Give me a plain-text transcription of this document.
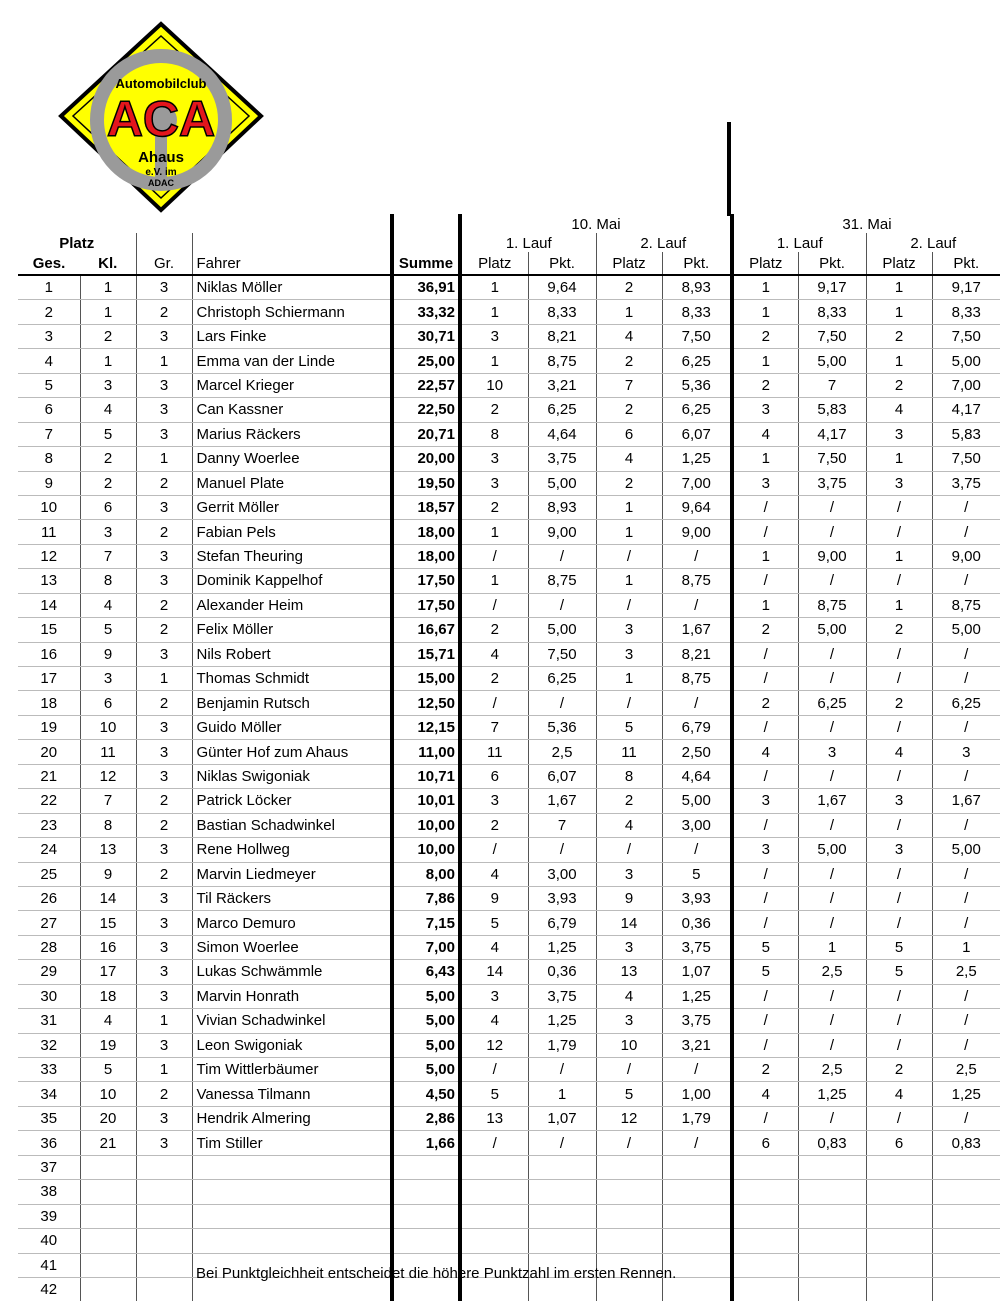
Automobilclub
ACA
Ahaus
e.V. im
ADAC
					10. Mai				31. Mai			
Platz					1. Lauf		2. Lauf		1. Lauf		2. Lauf	
Ges.	Kl.	Gr.	Fahrer	Summe	Platz	Pkt.	Platz	Pkt.	Platz	Pkt.	Platz	Pkt.
1	1	3	Niklas Möller	36,91	1	9,64	2	8,93	1	9,17	1	9,17
2	1	2	Christoph Schiermann	33,32	1	8,33	1	8,33	1	8,33	1	8,33
3	2	3	Lars Finke	30,71	3	8,21	4	7,50	2	7,50	2	7,50
4	1	1	Emma van der Linde	25,00	1	8,75	2	6,25	1	5,00	1	5,00
5	3	3	Marcel Krieger	22,57	10	3,21	7	5,36	2	7	2	7,00
6	4	3	Can Kassner	22,50	2	6,25	2	6,25	3	5,83	4	4,17
7	5	3	Marius Räckers	20,71	8	4,64	6	6,07	4	4,17	3	5,83
8	2	1	Danny Woerlee	20,00	3	3,75	4	1,25	1	7,50	1	7,50
9	2	2	Manuel Plate	19,50	3	5,00	2	7,00	3	3,75	3	3,75
10	6	3	Gerrit Möller	18,57	2	8,93	1	9,64	/	/	/	/
11	3	2	Fabian Pels	18,00	1	9,00	1	9,00	/	/	/	/
12	7	3	Stefan Theuring	18,00	/	/	/	/	1	9,00	1	9,00
13	8	3	Dominik Kappelhof	17,50	1	8,75	1	8,75	/	/	/	/
14	4	2	Alexander Heim	17,50	/	/	/	/	1	8,75	1	8,75
15	5	2	Felix Möller	16,67	2	5,00	3	1,67	2	5,00	2	5,00
16	9	3	Nils Robert	15,71	4	7,50	3	8,21	/	/	/	/
17	3	1	Thomas Schmidt	15,00	2	6,25	1	8,75	/	/	/	/
18	6	2	Benjamin Rutsch	12,50	/	/	/	/	2	6,25	2	6,25
19	10	3	Guido Möller	12,15	7	5,36	5	6,79	/	/	/	/
20	11	3	Günter Hof zum Ahaus	11,00	11	2,5	11	2,50	4	3	4	3
21	12	3	Niklas Swigoniak	10,71	6	6,07	8	4,64	/	/	/	/
22	7	2	Patrick Löcker	10,01	3	1,67	2	5,00	3	1,67	3	1,67
23	8	2	Bastian Schadwinkel	10,00	2	7	4	3,00	/	/	/	/
24	13	3	Rene Hollweg	10,00	/	/	/	/	3	5,00	3	5,00
25	9	2	Marvin Liedmeyer	8,00	4	3,00	3	5	/	/	/	/
26	14	3	Til Räckers	7,86	9	3,93	9	3,93	/	/	/	/
27	15	3	Marco Demuro	7,15	5	6,79	14	0,36	/	/	/	/
28	16	3	Simon Woerlee	7,00	4	1,25	3	3,75	5	1	5	1
29	17	3	Lukas Schwämmle	6,43	14	0,36	13	1,07	5	2,5	5	2,5
30	18	3	Marvin Honrath	5,00	3	3,75	4	1,25	/	/	/	/
31	4	1	Vivian Schadwinkel	5,00	4	1,25	3	3,75	/	/	/	/
32	19	3	Leon Swigoniak	5,00	12	1,79	10	3,21	/	/	/	/
33	5	1	Tim Wittlerbäumer	5,00	/	/	/	/	2	2,5	2	2,5
34	10	2	Vanessa Tilmann	4,50	5	1	5	1,00	4	1,25	4	1,25
35	20	3	Hendrik Almering	2,86	13	1,07	12	1,79	/	/	/	/
36	21	3	Tim Stiller	1,66	/	/	/	/	6	0,83	6	0,83
37												
38												
39												
40												
41												
42												
Bei Punktgleichheit entscheidet die höhere Punktzahl im ersten Rennen.
